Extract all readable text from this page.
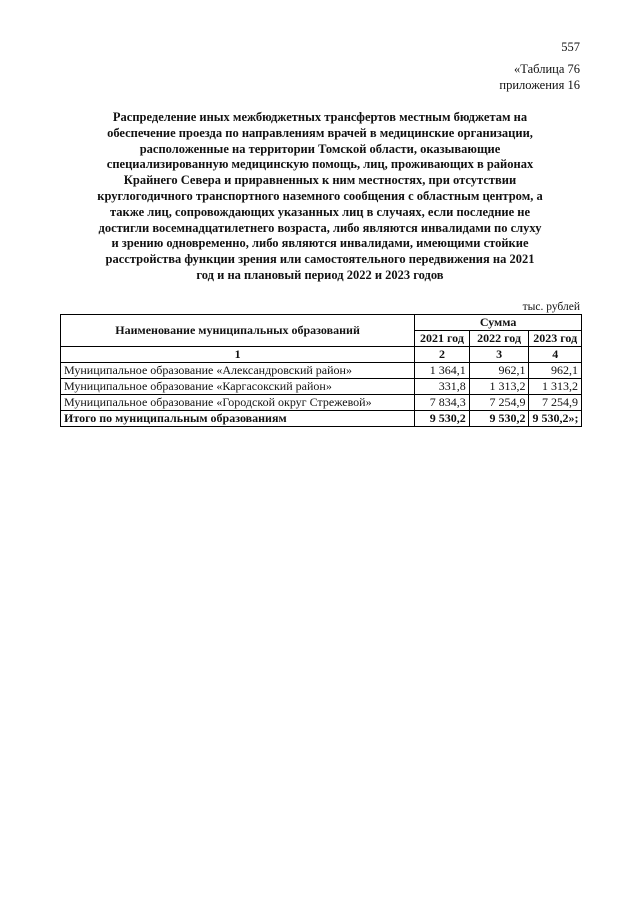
557
«Таблица 76
приложения 16
Распределение иных межбюджетных трансфертов местным бюджетам на
обеспечение проезда по направлениям врачей в медицинские организации,
расположенные на территории Томской области, оказывающие
специализированную медицинскую помощь, лиц, проживающих в районах
Крайнего Севера и приравненных к ним местностях, при отсутствии
круглогодичного транспортного наземного сообщения с областным центром, а
также лиц, сопровождающих указанных лиц в случаях, если последние не
достигли восемнадцатилетнего возраста, либо являются инвалидами по слуху
и зрению одновременно, либо являются инвалидами, имеющими стойкие
расстройства функции зрения или самостоятельного передвижения на 2021
год и на плановый период 2022 и 2023 годов
тыс. рублей
Наименование муниципальных образований	Сумма		
	2021 год	2022 год	2023 год
1	2	3	4
Муниципальное образование «Александровский район»	1 364,1	962,1	962,1
Муниципальное образование «Каргасокский район»	331,8	1 313,2	1 313,2
Муниципальное образование «Городской округ Стрежевой»	7 834,3	7 254,9	7 254,9
Итого по муниципальным образованиям	9 530,2	9 530,2	9 530,2»;
